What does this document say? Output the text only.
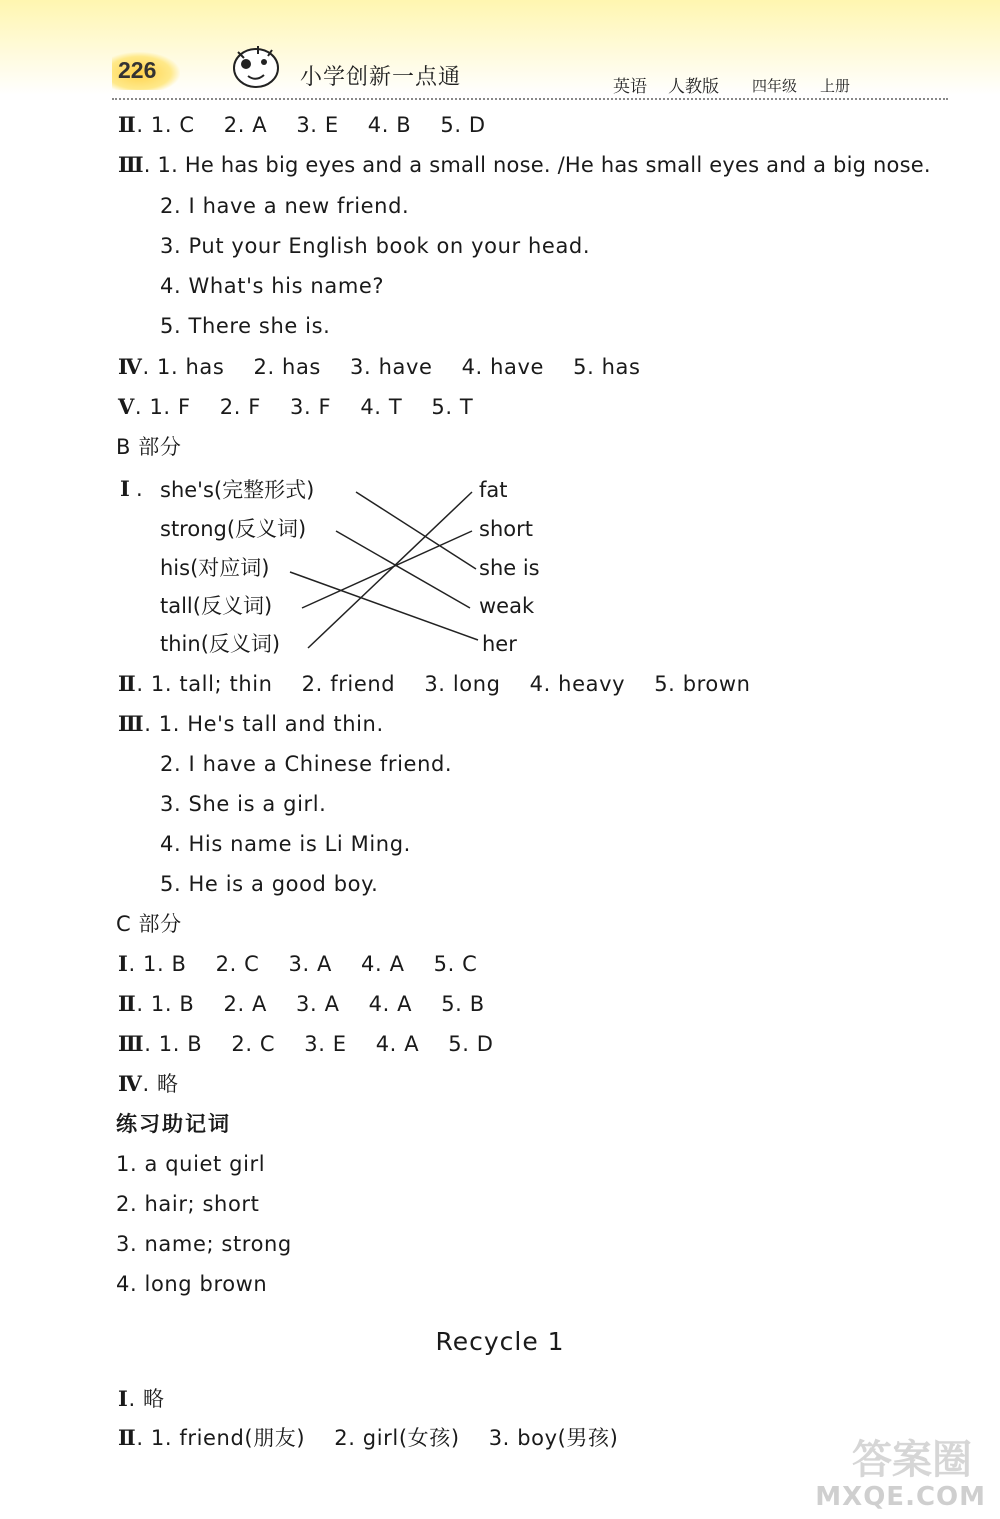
226	小学创新一点通	英语 人教版 四年级 上册
Ⅱ. 1. C    2. A    3. E    4. B    5. D
Ⅲ. 1. He has big eyes and a small nose. /He has small eyes and a big nose.
2. I have a new friend.
3. Put your English book on your head.
4. What's his name?
5. There she is.
Ⅳ. 1. has    2. has    3. have    4. have    5. has
Ⅴ. 1. F    2. F    3. F    4. T    5. T
B 部分
Ⅰ . she's(完整形式)
strong(反义词)
his(对应词)
tall(反义词)
thin(反义词)
fat
short
she is
weak
her
Ⅱ. 1. tall; thin    2. friend    3. long    4. heavy    5. brown
Ⅲ. 1. He's tall and thin.
2. I have a Chinese friend.
3. She is a girl.
4. His name is Li Ming.
5. He is a good boy.
C 部分
Ⅰ. 1. B    2. C    3. A    4. A    5. C
Ⅱ. 1. B    2. A    3. A    4. A    5. B
Ⅲ. 1. B    2. C    3. E    4. A    5. D
Ⅳ. 略
练习助记词
1. a quiet girl
2. hair; short
3. name; strong
4. long brown
Recycle 1
Ⅰ. 略
Ⅱ. 1. friend(朋友)    2. girl(女孩)    3. boy(男孩)	答案圈
MXQE.COM
